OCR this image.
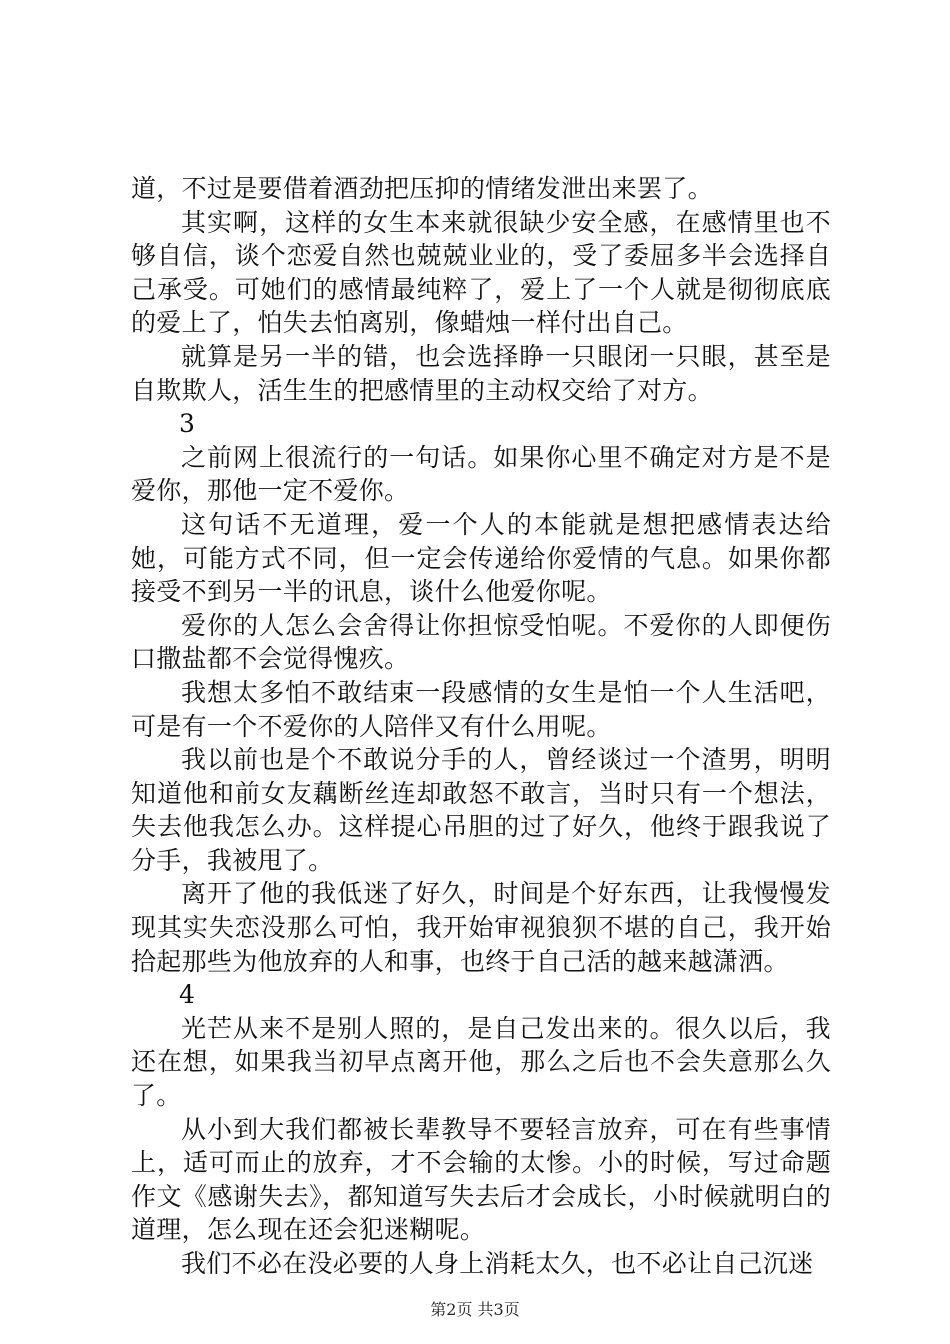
道，不过是要借着酒劲把压抑的情绪发泄出来罢了。

其实啊，这样的女生本来就很缺少安全感，在感情里也不够自信，谈个恋爱自然也兢兢业业的，受了委屈多半会选择自己承受。可她们的感情最纯粹了，爱上了一个人就是彻彻底底的爱上了，怕失去怕离别，像蜡烛一样付出自己。

就算是另一半的错，也会选择睁一只眼闭一只眼，甚至是自欺欺人，活生生的把感情里的主动权交给了对方。

3

之前网上很流行的一句话。如果你心里不确定对方是不是爱你，那他一定不爱你。

这句话不无道理，爱一个人的本能就是想把感情表达给她，可能方式不同，但一定会传递给你爱情的气息。如果你都接受不到另一半的讯息，谈什么他爱你呢。

爱你的人怎么会舍得让你担惊受怕呢。不爱你的人即便伤口撒盐都不会觉得愧疚。

我想太多怕不敢结束一段感情的女生是怕一个人生活吧，可是有一个不爱你的人陪伴又有什么用呢。

我以前也是个不敢说分手的人，曾经谈过一个渣男，明明知道他和前女友藕断丝连却敢怒不敢言，当时只有一个想法，失去他我怎么办。这样提心吊胆的过了好久，他终于跟我说了分手，我被甩了。

离开了他的我低迷了好久，时间是个好东西，让我慢慢发现其实失恋没那么可怕，我开始审视狼狈不堪的自己，我开始拾起那些为他放弃的人和事，也终于自己活的越来越潇洒。

4

光芒从来不是别人照的，是自己发出来的。很久以后，我还在想，如果我当初早点离开他，那么之后也不会失意那么久了。

从小到大我们都被长辈教导不要轻言放弃，可在有些事情上，适可而止的放弃，才不会输的太惨。小的时候，写过命题作文《感谢失去》，都知道写失去后才会成长，小时候就明白的道理，怎么现在还会犯迷糊呢。

我们不必在没必要的人身上消耗太久，也不必让自己沉迷

第2页 共3页
